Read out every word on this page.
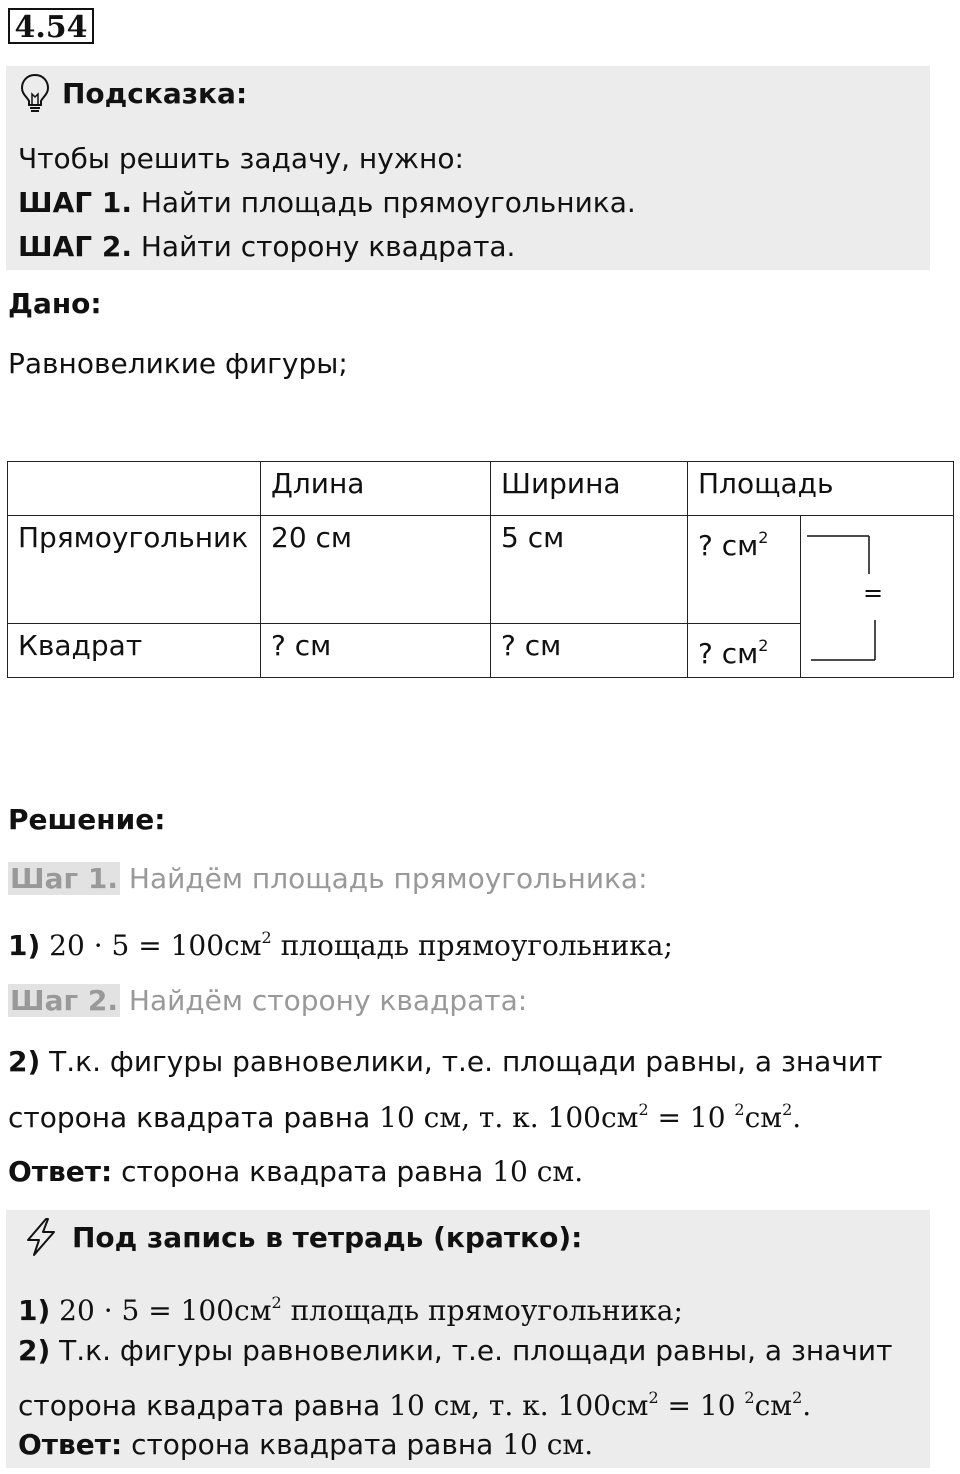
4.54
Подсказка:
Чтобы решить задачу, нужно:
ШАГ 1. Найти площадь прямоугольника.
ШАГ 2. Найти сторону квадрата.
Дано:
Равновеликие фигуры;
	Длина	Ширина	Площадь	
Прямоугольник	20 см	5 см	? $см^2$	=

Квадрат	? см	? см	? $см^2$
Решение:
Шаг 1. Найдём площадь прямоугольника:
1) $20 \cdot 5 = 100см^2$ площадь прямоугольника;
Шаг 2. Найдём сторону квадрата:
2) Т.к. фигуры равновелики, т.е. площади равны, а значит
сторона квадрата равна 10 см, т. к. $100см^2 = 10$ $^2см^2$.
Ответ: сторона квадрата равна 10 см.
Под запись в тетрадь (кратко):
1) $20 \cdot 5 = 100см^2$ площадь прямоугольника;
2) Т.к. фигуры равновелики, т.е. площади равны, а значит
сторона квадрата равна 10 см, т. к. $100см^2 = 10$ $^2см^2$.
Ответ: сторона квадрата равна 10 см.
